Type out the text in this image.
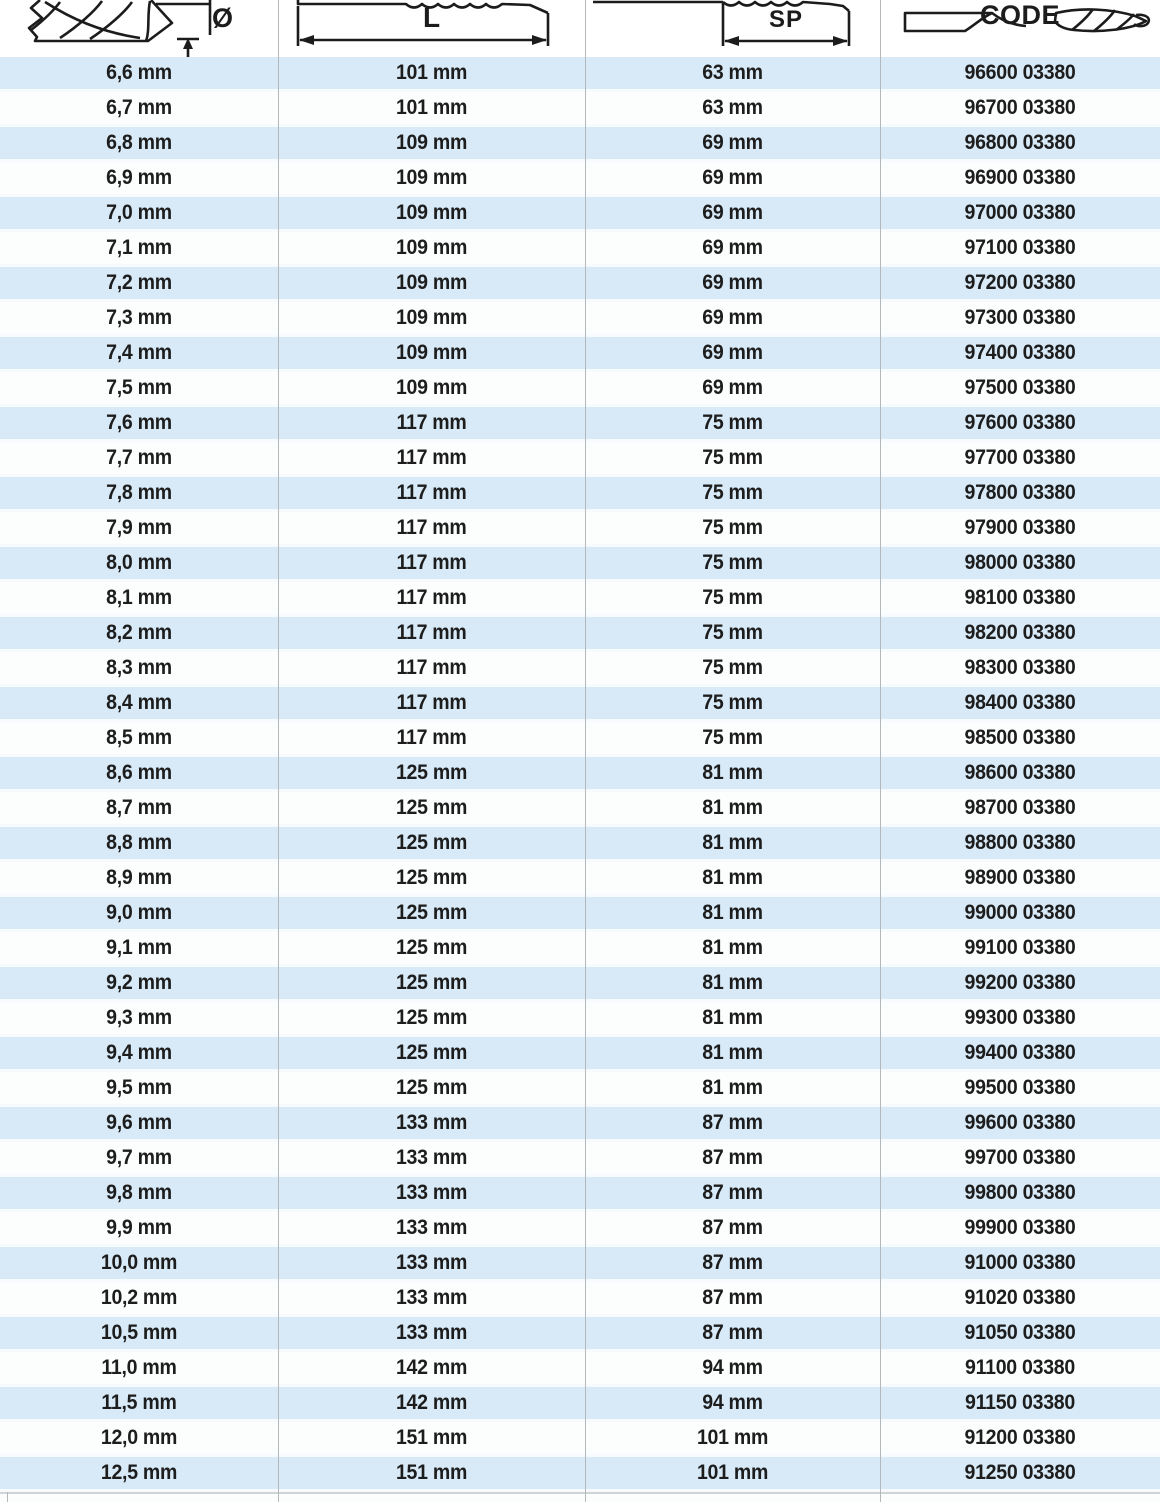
Ø	L	SP	CODE
6,6 mm	101 mm	63 mm	96600 03380
6,7 mm	101 mm	63 mm	96700 03380
6,8 mm	109 mm	69 mm	96800 03380
6,9 mm	109 mm	69 mm	96900 03380
7,0 mm	109 mm	69 mm	97000 03380
7,1 mm	109 mm	69 mm	97100 03380
7,2 mm	109 mm	69 mm	97200 03380
7,3 mm	109 mm	69 mm	97300 03380
7,4 mm	109 mm	69 mm	97400 03380
7,5 mm	109 mm	69 mm	97500 03380
7,6 mm	117 mm	75 mm	97600 03380
7,7 mm	117 mm	75 mm	97700 03380
7,8 mm	117 mm	75 mm	97800 03380
7,9 mm	117 mm	75 mm	97900 03380
8,0 mm	117 mm	75 mm	98000 03380
8,1 mm	117 mm	75 mm	98100 03380
8,2 mm	117 mm	75 mm	98200 03380
8,3 mm	117 mm	75 mm	98300 03380
8,4 mm	117 mm	75 mm	98400 03380
8,5 mm	117 mm	75 mm	98500 03380
8,6 mm	125 mm	81 mm	98600 03380
8,7 mm	125 mm	81 mm	98700 03380
8,8 mm	125 mm	81 mm	98800 03380
8,9 mm	125 mm	81 mm	98900 03380
9,0 mm	125 mm	81 mm	99000 03380
9,1 mm	125 mm	81 mm	99100 03380
9,2 mm	125 mm	81 mm	99200 03380
9,3 mm	125 mm	81 mm	99300 03380
9,4 mm	125 mm	81 mm	99400 03380
9,5 mm	125 mm	81 mm	99500 03380
9,6 mm	133 mm	87 mm	99600 03380
9,7 mm	133 mm	87 mm	99700 03380
9,8 mm	133 mm	87 mm	99800 03380
9,9 mm	133 mm	87 mm	99900 03380
10,0 mm	133 mm	87 mm	91000 03380
10,2 mm	133 mm	87 mm	91020 03380
10,5 mm	133 mm	87 mm	91050 03380
11,0 mm	142 mm	94 mm	91100 03380
11,5 mm	142 mm	94 mm	91150 03380
12,0 mm	151 mm	101 mm	91200 03380
12,5 mm	151 mm	101 mm	91250 03380
